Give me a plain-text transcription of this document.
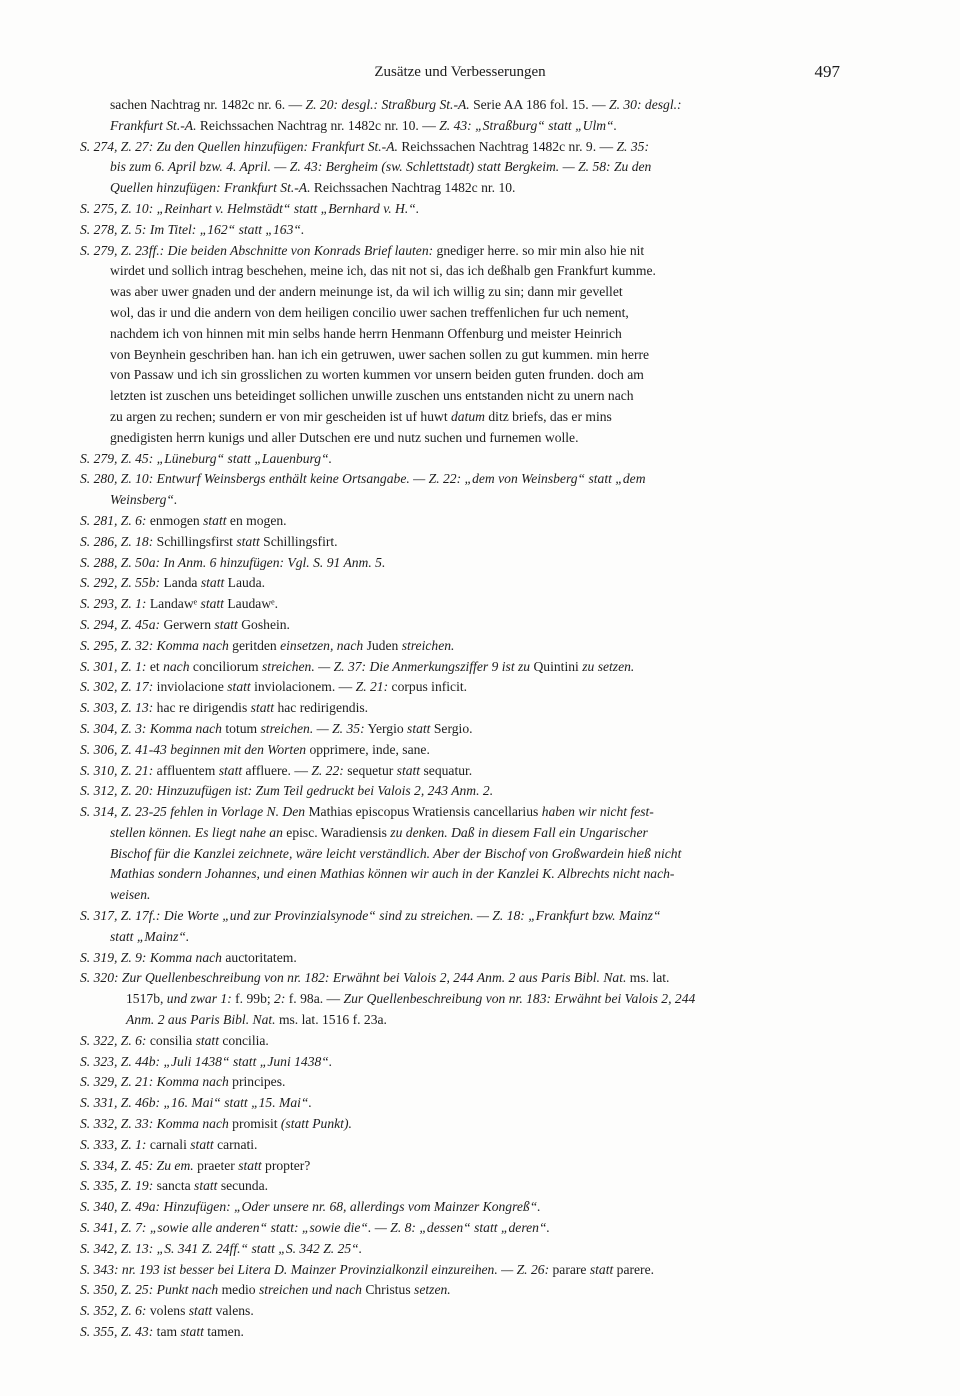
Zusätze und Verbesserungen	497
sachen Nachtrag nr. 1482c nr. 6. — Z. 20: desgl.: Straßburg St.-A. Serie AA 186 fol. 15. — Z. 30: desgl.:
Frankfurt St.-A. Reichssachen Nachtrag nr. 1482c nr. 10. — Z. 43: „Straßburg“ statt „Ulm“.
S. 274, Z. 27: Zu den Quellen hinzufügen: Frankfurt St.-A. Reichssachen Nachtrag 1482c nr. 9. — Z. 35:
bis zum 6. April bzw. 4. April. — Z. 43: Bergheim (sw. Schlettstadt) statt Bergkeim. — Z. 58: Zu den
Quellen hinzufügen: Frankfurt St.-A. Reichssachen Nachtrag 1482c nr. 10.
S. 275, Z. 10: „Reinhart v. Helmstädt“ statt „Bernhard v. H.“.
S. 278, Z. 5: Im Titel: „162“ statt „163“.
S. 279, Z. 23ff.: Die beiden Abschnitte von Konrads Brief lauten: gnediger herre. so mir min also hie nit
wirdet und sollich intrag beschehen, meine ich, das nit not si, das ich deßhalb gen Frankfurt kumme.
was aber uwer gnaden und der andern meinunge ist, da wil ich willig zu sin; dann mir gevellet
wol, das ir und die andern von dem heiligen concilio uwer sachen treffenlichen fur uch nement,
nachdem ich von hinnen mit min selbs hande herrn Henmann Offenburg und meister Heinrich
von Beynhein geschriben han. han ich ein getruwen, uwer sachen sollen zu gut kummen. min herre
von Passaw und ich sin grosslichen zu worten kummen vor unsern beiden guten frunden. doch am
letzten ist zuschen uns beteidinget sollichen unwille zuschen uns entstanden nicht zu unern nach
zu argen zu rechen; sundern er von mir gescheiden ist uf huwt datum ditz briefs, das er mins
gnedigisten herrn kunigs und aller Dutschen ere und nutz suchen und furnemen wolle.
S. 279, Z. 45: „Lüneburg“ statt „Lauenburg“.
S. 280, Z. 10: Entwurf Weinsbergs enthält keine Ortsangabe. — Z. 22: „dem von Weinsberg“ statt „dem
Weinsberg“.
S. 281, Z. 6: enmogen statt en mogen.
S. 286, Z. 18: Schillingsfirst statt Schillingsfirt.
S. 288, Z. 50a: In Anm. 6 hinzufügen: Vgl. S. 91 Anm. 5.
S. 292, Z. 55b: Landa statt Lauda.
S. 293, Z. 1: Landawᵉ statt Laudawᵉ.
S. 294, Z. 45a: Gerwern statt Goshein.
S. 295, Z. 32: Komma nach geritden einsetzen, nach Juden streichen.
S. 301, Z. 1: et nach conciliorum streichen. — Z. 37: Die Anmerkungsziffer 9 ist zu Quintini zu setzen.
S. 302, Z. 17: inviolacione statt inviolacionem. — Z. 21: corpus inficit.
S. 303, Z. 13: hac re dirigendis statt hac redirigendis.
S. 304, Z. 3: Komma nach totum streichen. — Z. 35: Yergio statt Sergio.
S. 306, Z. 41-43 beginnen mit den Worten opprimere, inde, sane.
S. 310, Z. 21: affluentem statt affluere. — Z. 22: sequetur statt sequatur.
S. 312, Z. 20: Hinzuzufügen ist: Zum Teil gedruckt bei Valois 2, 243 Anm. 2.
S. 314, Z. 23-25 fehlen in Vorlage N. Den Mathias episcopus Wratiensis cancellarius haben wir nicht fest-
stellen können. Es liegt nahe an episc. Waradiensis zu denken. Daß in diesem Fall ein Ungarischer
Bischof für die Kanzlei zeichnete, wäre leicht verständlich. Aber der Bischof von Großwardein hieß nicht
Mathias sondern Johannes, und einen Mathias können wir auch in der Kanzlei K. Albrechts nicht nach-
weisen.
S. 317, Z. 17f.: Die Worte „und zur Provinzialsynode“ sind zu streichen. — Z. 18: „Frankfurt bzw. Mainz“
statt „Mainz“.
S. 319, Z. 9: Komma nach auctoritatem.
S. 320: Zur Quellenbeschreibung von nr. 182: Erwähnt bei Valois 2, 244 Anm. 2 aus Paris Bibl. Nat. ms. lat.
1517b, und zwar 1: f. 99b; 2: f. 98a. — Zur Quellenbeschreibung von nr. 183: Erwähnt bei Valois 2, 244
Anm. 2 aus Paris Bibl. Nat. ms. lat. 1516 f. 23a.
S. 322, Z. 6: consilia statt concilia.
S. 323, Z. 44b: „Juli 1438“ statt „Juni 1438“.
S. 329, Z. 21: Komma nach principes.
S. 331, Z. 46b: „16. Mai“ statt „15. Mai“.
S. 332, Z. 33: Komma nach promisit (statt Punkt).
S. 333, Z. 1: carnali statt carnati.
S. 334, Z. 45: Zu em. praeter statt propter?
S. 335, Z. 19: sancta statt secunda.
S. 340, Z. 49a: Hinzufügen: „Oder unsere nr. 68, allerdings vom Mainzer Kongreß“.
S. 341, Z. 7: „sowie alle anderen“ statt: „sowie die“. — Z. 8: „dessen“ statt „deren“.
S. 342, Z. 13: „S. 341 Z. 24ff.“ statt „S. 342 Z. 25“.
S. 343: nr. 193 ist besser bei Litera D. Mainzer Provinzialkonzil einzureihen. — Z. 26: parare statt parere.
S. 350, Z. 25: Punkt nach medio streichen und nach Christus setzen.
S. 352, Z. 6: volens statt valens.
S. 355, Z. 43: tam statt tamen.
